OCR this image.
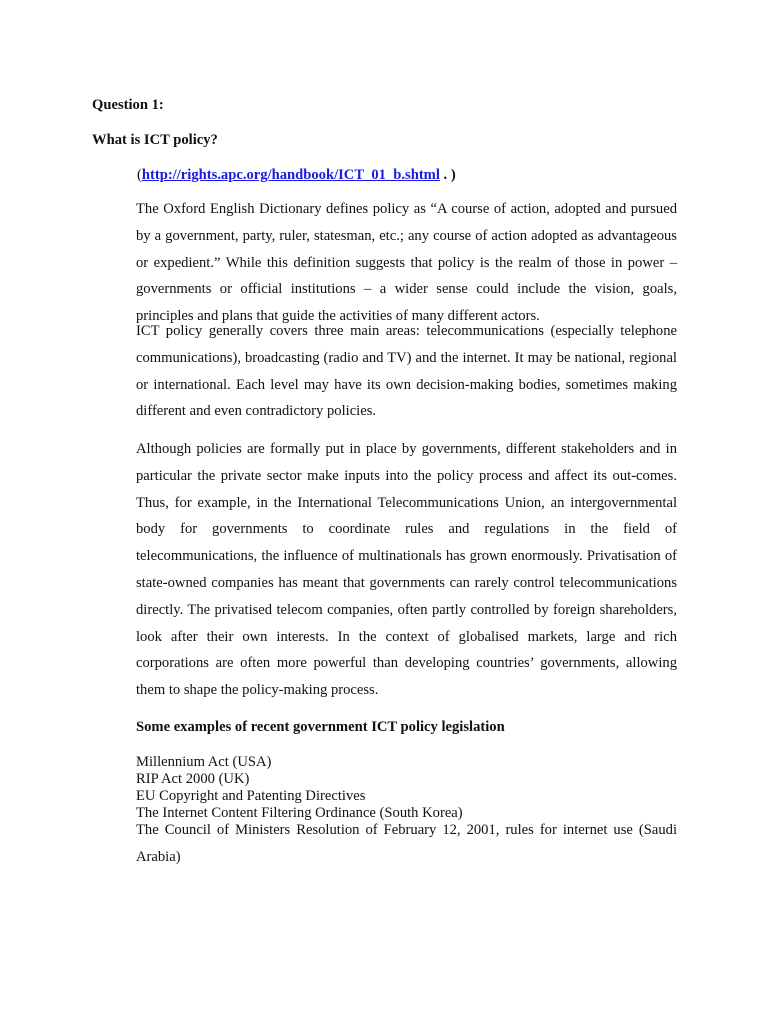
Question 1:
What is ICT policy?
(http://rights.apc.org/handbook/ICT_01_b.shtml . )

The Oxford English Dictionary defines policy as “A course of action, adopted and pursued by a government, party, ruler, statesman, etc.; any course of action adopted as advantageous or expedient.” While this definition suggests that policy is the realm of those in power – governments or official institutions – a wider sense could include the vision, goals, principles and plans that guide the activities of many different actors.

ICT policy generally covers three main areas: telecommunications (especially telephone communications), broadcasting (radio and TV) and the internet. It may be national, regional or international. Each level may have its own decision-making bodies, sometimes making different and even contradictory policies.

Although policies are formally put in place by governments, different stakeholders and in particular the private sector make inputs into the policy process and affect its out-comes. Thus, for example, in the International Telecommunications Union, an intergovernmental body for governments to coordinate rules and regulations in the field of telecommunications, the influence of multinationals has grown enormously. Privatisation of state-owned companies has meant that governments can rarely control telecommunications directly. The privatised telecom companies, often partly controlled by foreign shareholders, look after their own interests. In the context of globalised markets, large and rich corporations are often more powerful than developing countries’ governments, allowing them to shape the policy-making process.

Some examples of recent government ICT policy legislation
Millennium Act (USA)
RIP Act 2000 (UK)
EU Copyright and Patenting Directives
The Internet Content Filtering Ordinance (South Korea)
The Council of Ministers Resolution of February 12, 2001, rules for internet use (Saudi Arabia)
